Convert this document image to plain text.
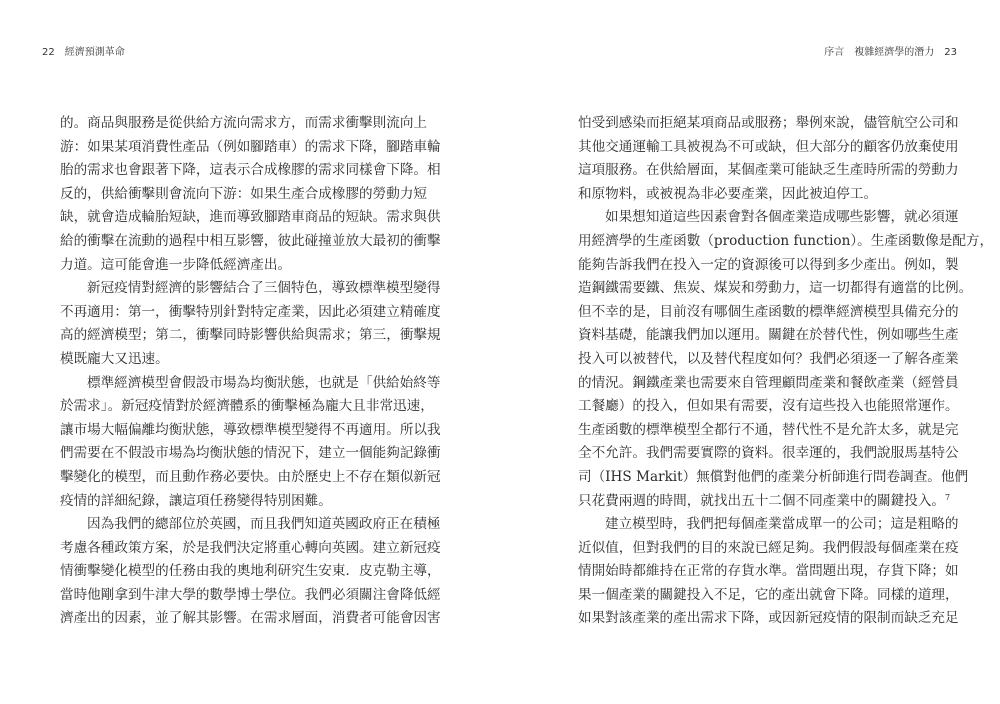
22 經濟預測革命	序言 複雜經濟學的潛力 23
的。商品與服務是從供給方流向需求方，而需求衝擊則流向上
游：如果某項消費性產品（例如腳踏車）的需求下降，腳踏車輪
胎的需求也會跟著下降，這表示合成橡膠的需求同樣會下降。相
反的，供給衝擊則會流向下游：如果生產合成橡膠的勞動力短
缺，就會造成輪胎短缺，進而導致腳踏車商品的短缺。需求與供
給的衝擊在流動的過程中相互影響，彼此碰撞並放大最初的衝擊
力道。這可能會進一步降低經濟產出。
新冠疫情對經濟的影響結合了三個特色，導致標準模型變得
不再適用：第一，衝擊特別針對特定產業，因此必須建立精確度
高的經濟模型；第二，衝擊同時影響供給與需求；第三，衝擊規
模既龐大又迅速。
標準經濟模型會假設市場為均衡狀態，也就是「供給始終等
於需求」。新冠疫情對於經濟體系的衝擊極為龐大且非常迅速，
讓市場大幅偏離均衡狀態，導致標準模型變得不再適用。所以我
們需要在不假設市場為均衡狀態的情況下，建立一個能夠記錄衝
擊變化的模型，而且動作務必要快。由於歷史上不存在類似新冠
疫情的詳細紀錄，讓這項任務變得特別困難。
因為我們的總部位於英國，而且我們知道英國政府正在積極
考慮各種政策方案，於是我們決定將重心轉向英國。建立新冠疫
情衝擊變化模型的任務由我的奧地利研究生安東．皮克勒主導，
當時他剛拿到牛津大學的數學博士學位。我們必須關注會降低經
濟產出的因素，並了解其影響。在需求層面，消費者可能會因害
怕受到感染而拒絕某項商品或服務；舉例來說，儘管航空公司和
其他交通運輸工具被視為不可或缺，但大部分的顧客仍放棄使用
這項服務。在供給層面，某個產業可能缺乏生產時所需的勞動力
和原物料，或被視為非必要產業，因此被迫停工。
如果想知道這些因素會對各個產業造成哪些影響，就必須運
用經濟學的生產函數（production function）。生產函數像是配方，
能夠告訴我們在投入一定的資源後可以得到多少產出。例如，製
造鋼鐵需要鐵、焦炭、煤炭和勞動力，這一切都得有適當的比例。
但不幸的是，目前沒有哪個生產函數的標準經濟模型具備充分的
資料基礎，能讓我們加以運用。關鍵在於替代性，例如哪些生產
投入可以被替代，以及替代程度如何？我們必須逐一了解各產業
的情況。鋼鐵產業也需要來自管理顧問產業和餐飲產業（經營員
工餐廳）的投入，但如果有需要，沒有這些投入也能照常運作。
生產函數的標準模型全都行不通，替代性不是允許太多，就是完
全不允許。我們需要實際的資料。很幸運的，我們說服馬基特公
司（IHS Markit）無償對他們的產業分析師進行問卷調查。他們
只花費兩週的時間，就找出五十二個不同產業中的關鍵投入。$^7$
建立模型時，我們把每個產業當成單一的公司；這是粗略的
近似值，但對我們的目的來說已經足夠。我們假設每個產業在疫
情開始時都維持在正常的存貨水準。當問題出現，存貨下降；如
果一個產業的關鍵投入不足，它的產出就會下降。同樣的道理，
如果對該產業的產出需求下降，或因新冠疫情的限制而缺乏充足
